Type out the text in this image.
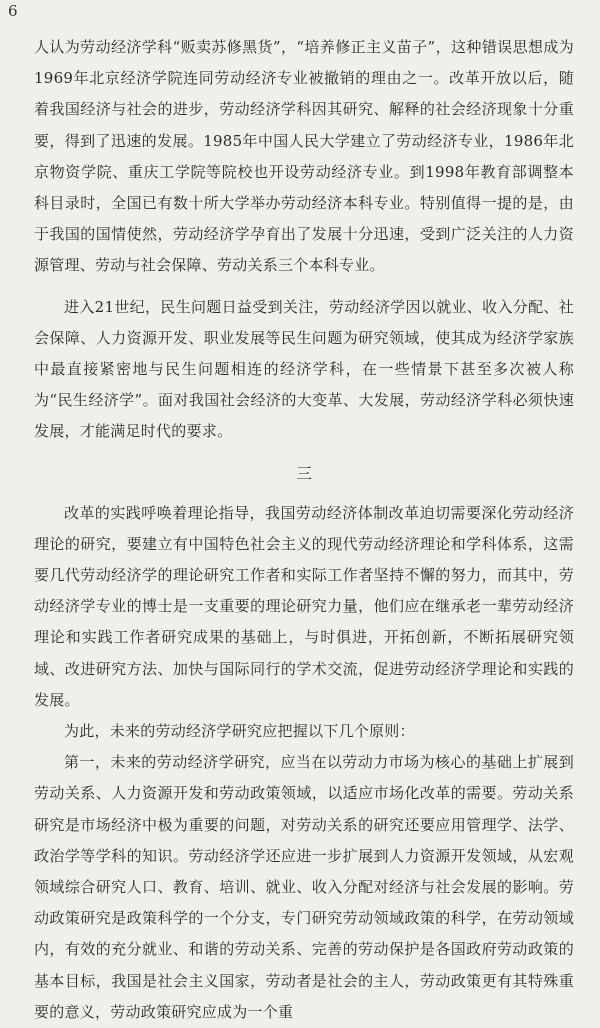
6

人认为劳动经济学科“贩卖苏修黑货”，“培养修正主义苗子”，这种错误思想成为1969年北京经济学院连同劳动经济专业被撤销的理由之一。改革开放以后，随着我国经济与社会的进步，劳动经济学科因其研究、解释的社会经济现象十分重要，得到了迅速的发展。1985年中国人民大学建立了劳动经济专业，1986年北京物资学院、重庆工学院等院校也开设劳动经济专业。到1998年教育部调整本科目录时，全国已有数十所大学举办劳动经济本科专业。特别值得一提的是，由于我国的国情使然，劳动经济学孕育出了发展十分迅速，受到广泛关注的人力资源管理、劳动与社会保障、劳动关系三个本科专业。

进入21世纪，民生问题日益受到关注，劳动经济学因以就业、收入分配、社会保障、人力资源开发、职业发展等民生问题为研究领域，使其成为经济学家族中最直接紧密地与民生问题相连的经济学科，在一些情景下甚至多次被人称为“民生经济学”。面对我国社会经济的大变革、大发展，劳动经济学科必须快速发展，才能满足时代的要求。

三

改革的实践呼唤着理论指导，我国劳动经济体制改革迫切需要深化劳动经济理论的研究，要建立有中国特色社会主义的现代劳动经济理论和学科体系，这需要几代劳动经济学的理论研究工作者和实际工作者坚持不懈的努力，而其中，劳动经济学专业的博士是一支重要的理论研究力量，他们应在继承老一辈劳动经济理论和实践工作者研究成果的基础上，与时俱进，开拓创新，不断拓展研究领域、改进研究方法、加快与国际同行的学术交流，促进劳动经济学理论和实践的发展。

为此，未来的劳动经济学研究应把握以下几个原则：

第一，未来的劳动经济学研究，应当在以劳动力市场为核心的基础上扩展到劳动关系、人力资源开发和劳动政策领域，以适应市场化改革的需要。劳动关系研究是市场经济中极为重要的问题，对劳动关系的研究还要应用管理学、法学、政治学等学科的知识。劳动经济学还应进一步扩展到人力资源开发领域，从宏观领域综合研究人口、教育、培训、就业、收入分配对经济与社会发展的影响。劳动政策研究是政策科学的一个分支，专门研究劳动领域政策的科学，在劳动领域内，有效的充分就业、和谐的劳动关系、完善的劳动保护是各国政府劳动政策的基本目标，我国是社会主义国家，劳动者是社会的主人，劳动政策更有其特殊重要的意义，劳动政策研究应成为一个重
